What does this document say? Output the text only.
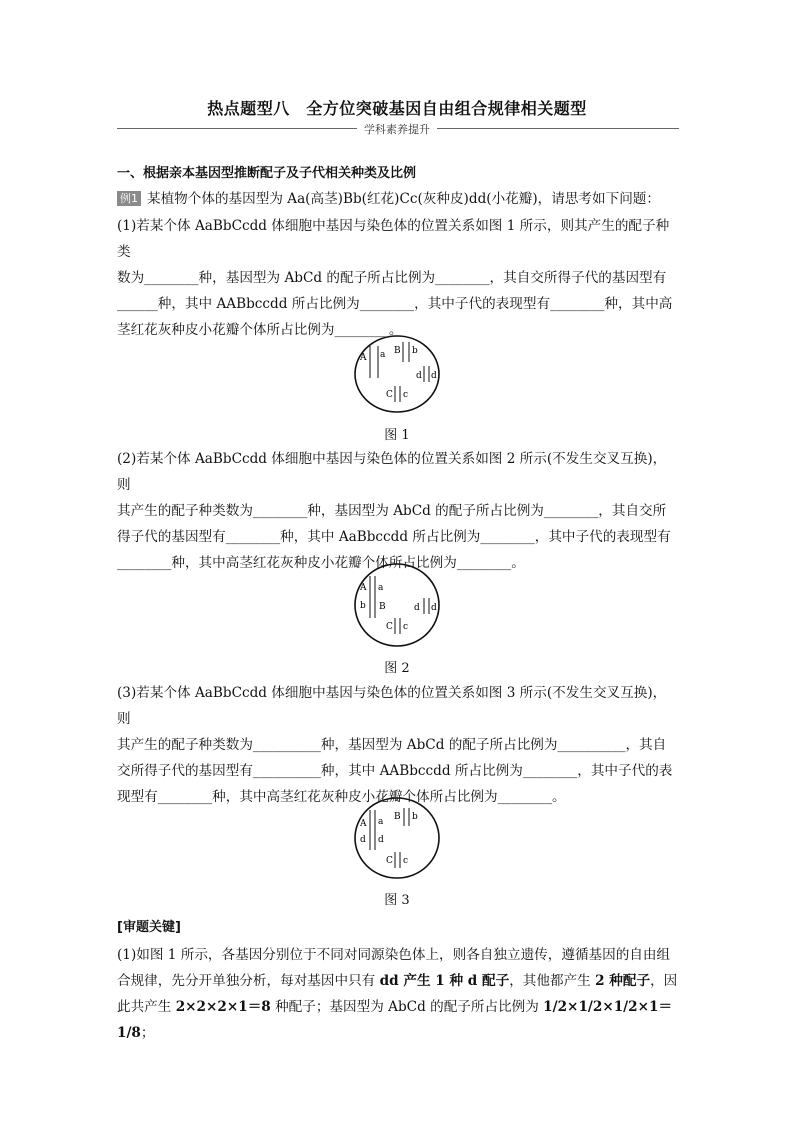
热点题型八　全方位突破基因自由组合规律相关题型
学科素养提升
一、根据亲本基因型推断配子及子代相关种类及比例
例1 某植物个体的基因型为 Aa(高茎)Bb(红花)Cc(灰种皮)dd(小花瓣)，请思考如下问题：
(1)若某个体 AaBbCcdd 体细胞中基因与染色体的位置关系如图 1 所示，则其产生的配子种类
数为________种，基因型为 AbCd 的配子所占比例为________，其自交所得子代的基因型有
______种，其中 AABbccdd 所占比例为________，其中子代的表现型有________种，其中高
茎红花灰种皮小花瓣个体所占比例为________。
A a B b
d d
C c
图 1
(2)若某个体 AaBbCcdd 体细胞中基因与染色体的位置关系如图 2 所示(不发生交叉互换)，则
其产生的配子种类数为________种，基因型为 AbCd 的配子所占比例为________，其自交所
得子代的基因型有________种，其中 AaBbccdd 所占比例为________，其中子代的表现型有
________种，其中高茎红花灰种皮小花瓣个体所占比例为________。
A a
b B	d d
C c
图 2
(3)若某个体 AaBbCcdd 体细胞中基因与染色体的位置关系如图 3 所示(不发生交叉互换)，则
其产生的配子种类数为__________种，基因型为 AbCd 的配子所占比例为__________，其自
交所得子代的基因型有__________种，其中 AABbccdd 所占比例为________，其中子代的表
现型有________种，其中高茎红花灰种皮小花瓣个体所占比例为________。
A a
d d
B b
C c
图 3
[审题关键]
(1)如图 1 所示，各基因分别位于不同对同源染色体上，则各自独立遗传，遵循基因的自由组
合规律，先分开单独分析，每对基因中只有 dd 产生 1 种 d 配子，其他都产生 2 种配子，因
此共产生 2×2×2×1＝8 种配子；基因型为 AbCd 的配子所占比例为 1/2×1/2×1/2×1＝1/8；
